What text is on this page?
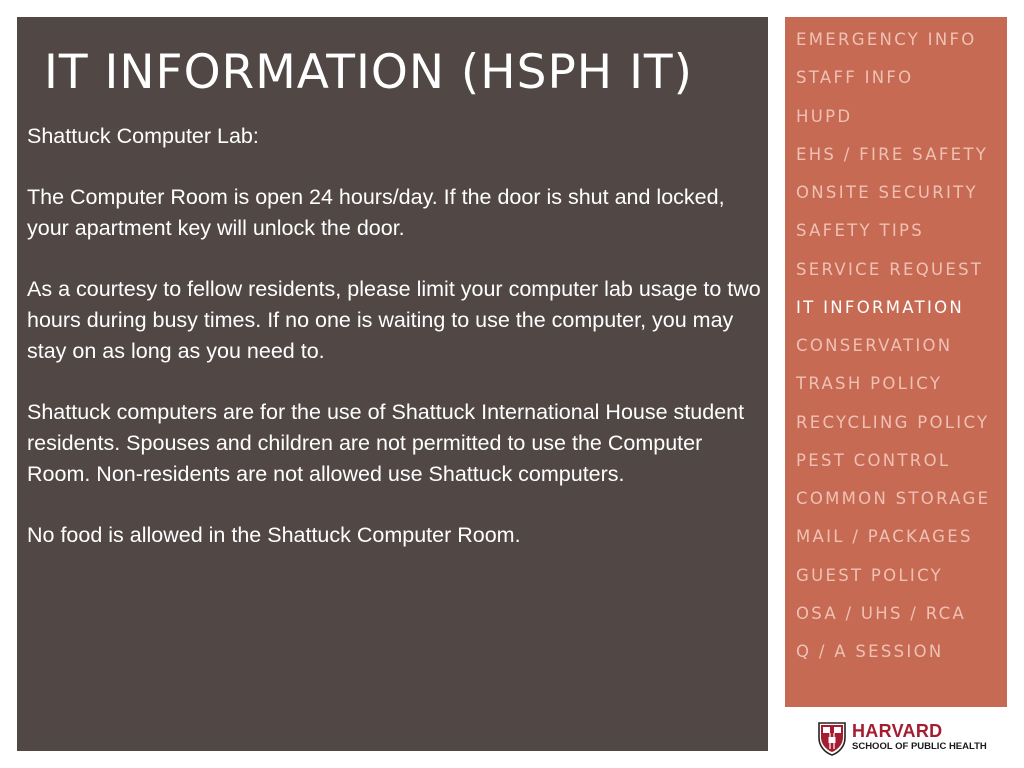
IT INFORMATION (HSPH IT)

Shattuck Computer Lab:

The Computer Room is open 24 hours/day. If the door is shut and locked, your apartment key will unlock the door.

As a courtesy to fellow residents, please limit your computer lab usage to two hours during busy times. If no one is waiting to use the computer, you may stay on as long as you need to.

Shattuck computers are for the use of Shattuck International House student residents. Spouses and children are not permitted to use the Computer Room. Non-residents are not allowed use Shattuck computers.

No food is allowed in the Shattuck Computer Room.

EMERGENCY INFO
STAFF INFO
HUPD
EHS / FIRE SAFETY
ONSITE SECURITY
SAFETY TIPS
SERVICE REQUEST
IT INFORMATION
CONSERVATION
TRASH POLICY
RECYCLING POLICY
PEST CONTROL
COMMON STORAGE
MAIL / PACKAGES
GUEST POLICY
OSA / UHS / RCA
Q / A SESSION
HARVARD
SCHOOL OF PUBLIC HEALTH
